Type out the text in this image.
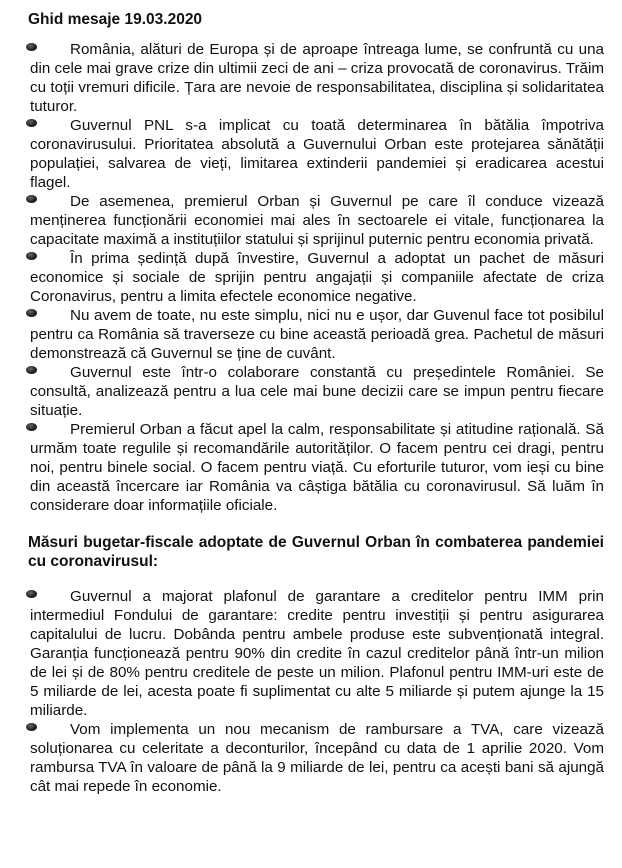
Ghid mesaje 19.03.2020
România, alături de Europa și de aproape întreaga lume, se confruntă cu una din cele mai grave crize din ultimii zeci de ani – criza provocată de coronavirus. Trăim cu toții vremuri dificile. Țara are nevoie de responsabilitatea, disciplina și solidaritatea tuturor.
Guvernul PNL s-a implicat cu toată determinarea în bătălia împotriva coronavirusului. Prioritatea absolută a Guvernului Orban este protejarea sănătății populației, salvarea de vieți, limitarea extinderii pandemiei și eradicarea acestui flagel.
De asemenea, premierul Orban și Guvernul pe care îl conduce vizează menținerea funcționării economiei mai ales în sectoarele ei vitale, funcționarea la capacitate maximă a instituțiilor statului și sprijinul puternic pentru economia privată.
În prima ședință după învestire, Guvernul a adoptat un pachet de măsuri economice și sociale de sprijin pentru angajații și companiile afectate de criza Coronavirus, pentru a limita efectele economice negative.
Nu avem de toate, nu este simplu, nici nu e ușor, dar Guvenul face tot posibilul pentru ca România să traverseze cu bine această perioadă grea. Pachetul de măsuri demonstrează că Guvernul se ține de cuvânt.
Guvernul este într-o colaborare constantă cu președintele României. Se consultă, analizează pentru a lua cele mai bune decizii care se impun pentru fiecare situație.
Premierul Orban a făcut apel la calm, responsabilitate și atitudine rațională. Să urmăm toate regulile și recomandările autorităților. O facem pentru cei dragi, pentru noi, pentru binele social. O facem pentru viață. Cu eforturile tuturor, vom ieși cu bine din această încercare iar România va câștiga bătălia cu coronavirusul. Să luăm în considerare doar informațiile oficiale.
Măsuri bugetar-fiscale adoptate de Guvernul Orban în combaterea pandemiei cu coronavirusul:
Guvernul a majorat plafonul de garantare a creditelor pentru IMM prin intermediul Fondului de garantare: credite pentru investiții și pentru asigurarea capitalului de lucru. Dobânda pentru ambele produse este subvenționată integral. Garanția funcționează pentru 90% din credite în cazul creditelor până într-un milion de lei și de 80% pentru creditele de peste un milion. Plafonul pentru IMM-uri este de 5 miliarde de lei, acesta poate fi suplimentat cu alte 5 miliarde și putem ajunge la 15 miliarde.
Vom implementa un nou mecanism de rambursare a TVA, care vizează soluționarea cu celeritate a deconturilor, începând cu data de 1 aprilie 2020. Vom rambursa TVA în valoare de până la 9 miliarde de lei, pentru ca acești bani să ajungă cât mai repede în economie.
